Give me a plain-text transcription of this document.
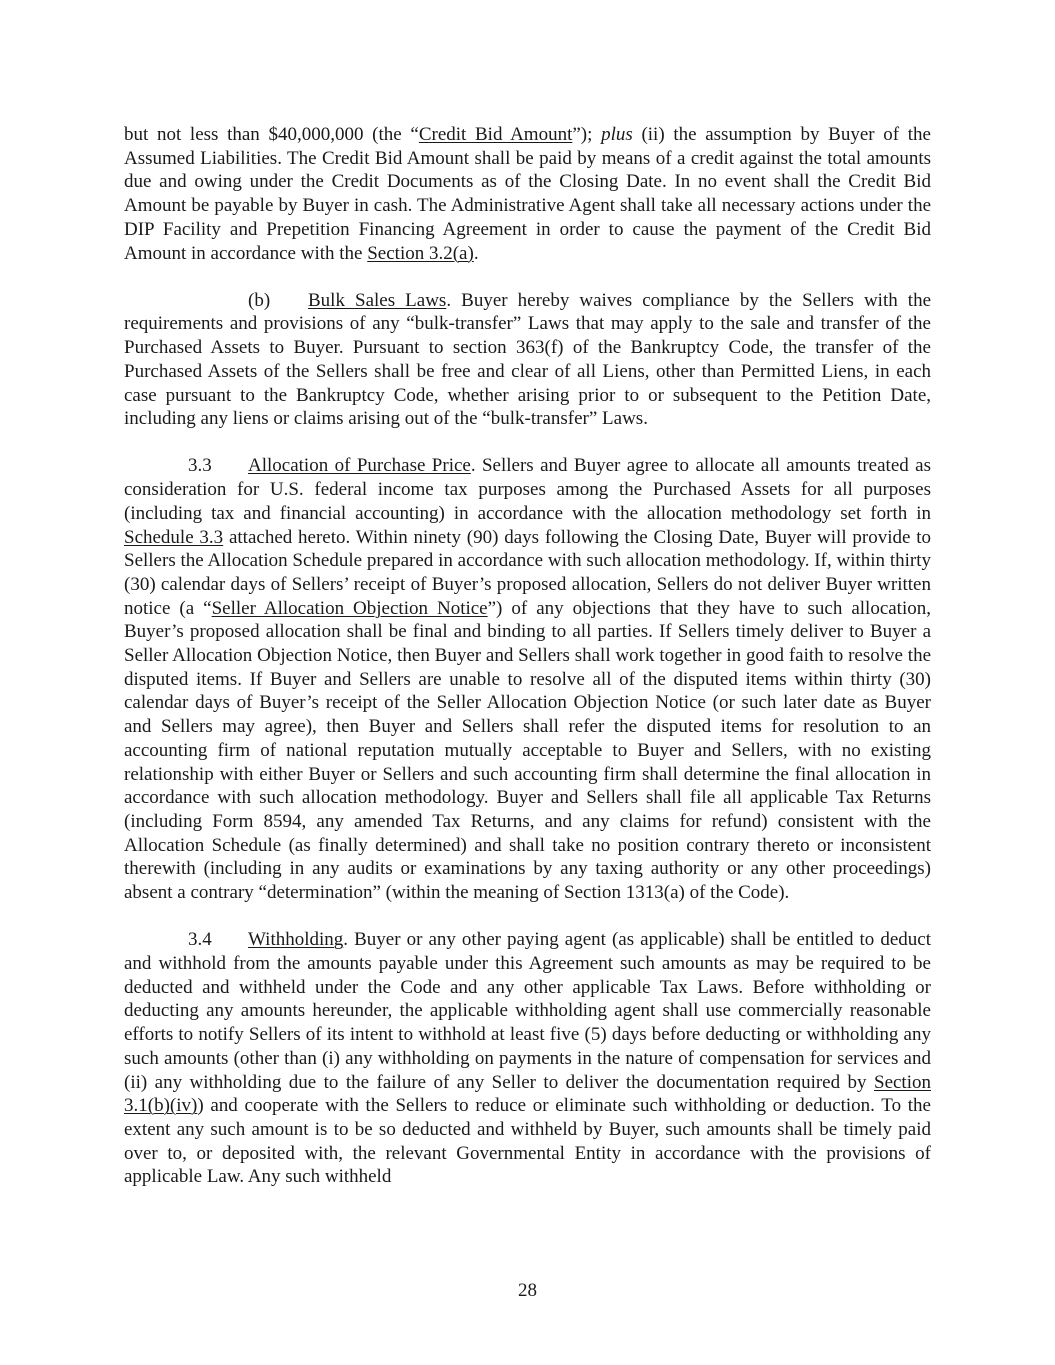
but not less than $40,000,000 (the “Credit Bid Amount”); plus (ii) the assumption by Buyer of the Assumed Liabilities. The Credit Bid Amount shall be paid by means of a credit against the total amounts due and owing under the Credit Documents as of the Closing Date. In no event shall the Credit Bid Amount be payable by Buyer in cash. The Administrative Agent shall take all necessary actions under the DIP Facility and Prepetition Financing Agreement in order to cause the payment of the Credit Bid Amount in accordance with the Section 3.2(a).

(b) Bulk Sales Laws. Buyer hereby waives compliance by the Sellers with the requirements and provisions of any “bulk-transfer” Laws that may apply to the sale and transfer of the Purchased Assets to Buyer. Pursuant to section 363(f) of the Bankruptcy Code, the transfer of the Purchased Assets of the Sellers shall be free and clear of all Liens, other than Permitted Liens, in each case pursuant to the Bankruptcy Code, whether arising prior to or subsequent to the Petition Date, including any liens or claims arising out of the “bulk-transfer” Laws.

3.3 Allocation of Purchase Price. Sellers and Buyer agree to allocate all amounts treated as consideration for U.S. federal income tax purposes among the Purchased Assets for all purposes (including tax and financial accounting) in accordance with the allocation methodology set forth in Schedule 3.3 attached hereto. Within ninety (90) days following the Closing Date, Buyer will provide to Sellers the Allocation Schedule prepared in accordance with such allocation methodology. If, within thirty (30) calendar days of Sellers’ receipt of Buyer’s proposed allocation, Sellers do not deliver Buyer written notice (a “Seller Allocation Objection Notice”) of any objections that they have to such allocation, Buyer’s proposed allocation shall be final and binding to all parties. If Sellers timely deliver to Buyer a Seller Allocation Objection Notice, then Buyer and Sellers shall work together in good faith to resolve the disputed items. If Buyer and Sellers are unable to resolve all of the disputed items within thirty (30) calendar days of Buyer’s receipt of the Seller Allocation Objection Notice (or such later date as Buyer and Sellers may agree), then Buyer and Sellers shall refer the disputed items for resolution to an accounting firm of national reputation mutually acceptable to Buyer and Sellers, with no existing relationship with either Buyer or Sellers and such accounting firm shall determine the final allocation in accordance with such allocation methodology. Buyer and Sellers shall file all applicable Tax Returns (including Form 8594, any amended Tax Returns, and any claims for refund) consistent with the Allocation Schedule (as finally determined) and shall take no position contrary thereto or inconsistent therewith (including in any audits or examinations by any taxing authority or any other proceedings) absent a contrary “determination” (within the meaning of Section 1313(a) of the Code).

3.4 Withholding. Buyer or any other paying agent (as applicable) shall be entitled to deduct and withhold from the amounts payable under this Agreement such amounts as may be required to be deducted and withheld under the Code and any other applicable Tax Laws. Before withholding or deducting any amounts hereunder, the applicable withholding agent shall use commercially reasonable efforts to notify Sellers of its intent to withhold at least five (5) days before deducting or withholding any such amounts (other than (i) any withholding on payments in the nature of compensation for services and (ii) any withholding due to the failure of any Seller to deliver the documentation required by Section 3.1(b)(iv)) and cooperate with the Sellers to reduce or eliminate such withholding or deduction. To the extent any such amount is to be so deducted and withheld by Buyer, such amounts shall be timely paid over to, or deposited with, the relevant Governmental Entity in accordance with the provisions of applicable Law. Any such withheld

28
